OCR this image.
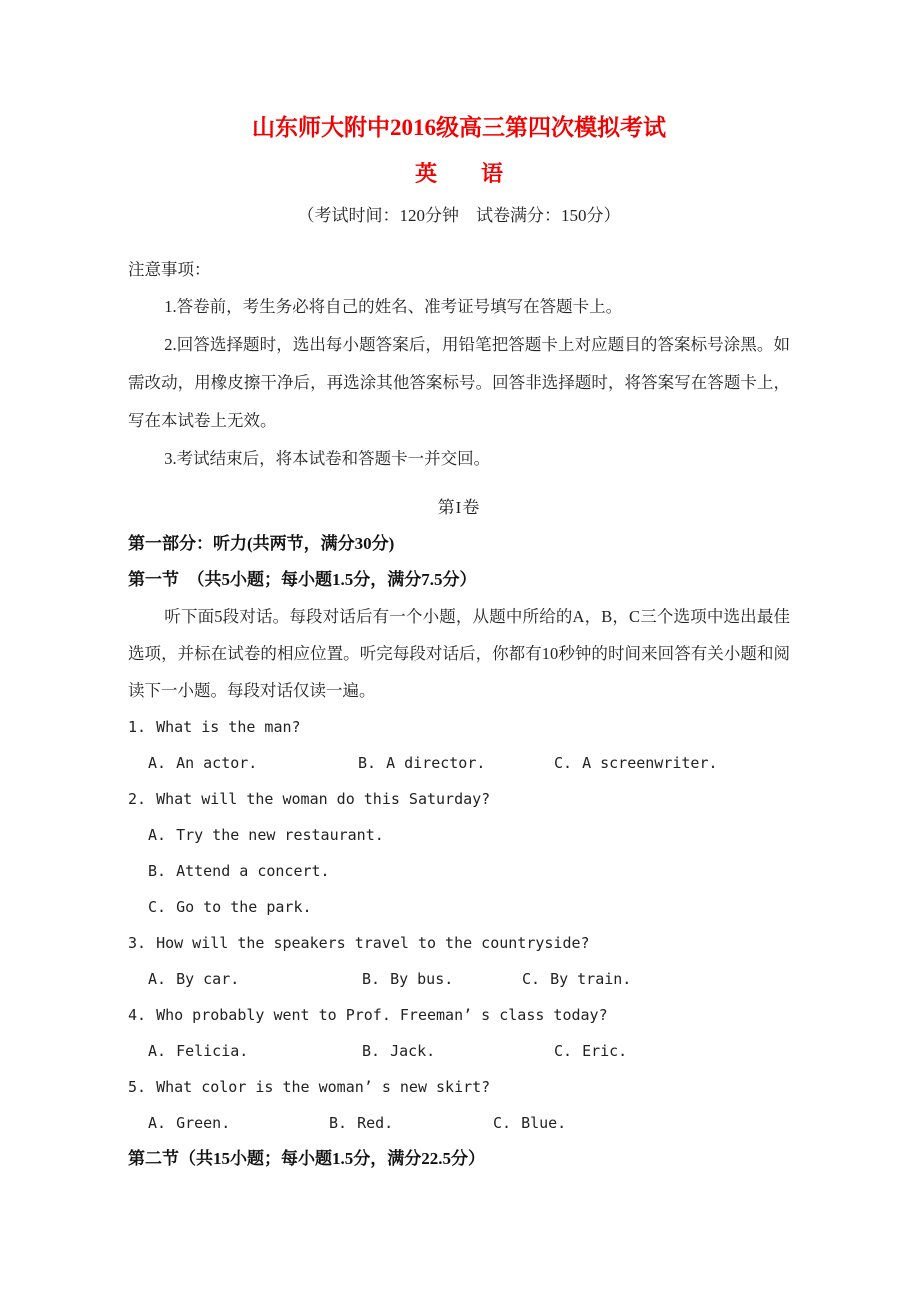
山东师大附中2016级高三第四次模拟考试
英　　语
（考试时间：120分钟　试卷满分：150分）
注意事项：

1.答卷前，考生务必将自己的姓名、准考证号填写在答题卡上。

2.回答选择题时，选出每小题答案后，用铅笔把答题卡上对应题目的答案标号涂黑。如需改动，用橡皮擦干净后，再选涂其他答案标号。回答非选择题时，将答案写在答题卡上，写在本试卷上无效。

3.考试结束后，将本试卷和答题卡一并交回。

第I卷
第一部分：听力(共两节，满分30分)
第一节　（共5小题；每小题1.5分，满分7.5分）

听下面5段对话。每段对话后有一个小题，从题中所给的A，B，C三个选项中选出最佳选项，并标在试卷的相应位置。听完每段对话后，你都有10秒钟的时间来回答有关小题和阅读下一小题。每段对话仅读一遍。

1. What is the man?
A. An actor.	B. A director.	C. A screenwriter.
2. What will the woman do this Saturday?
A. Try the new restaurant.
B. Attend a concert.
C. Go to the park.
3. How will the speakers travel to the countryside?
A. By car.	B. By bus.	C. By train.
4. Who probably went to Prof. Freeman’ s class today?
A. Felicia.	B. Jack.	C. Eric.
5. What color is the woman’ s new skirt?
A. Green.	B. Red.	C. Blue.
第二节（共15小题；每小题1.5分，满分22.5分）
